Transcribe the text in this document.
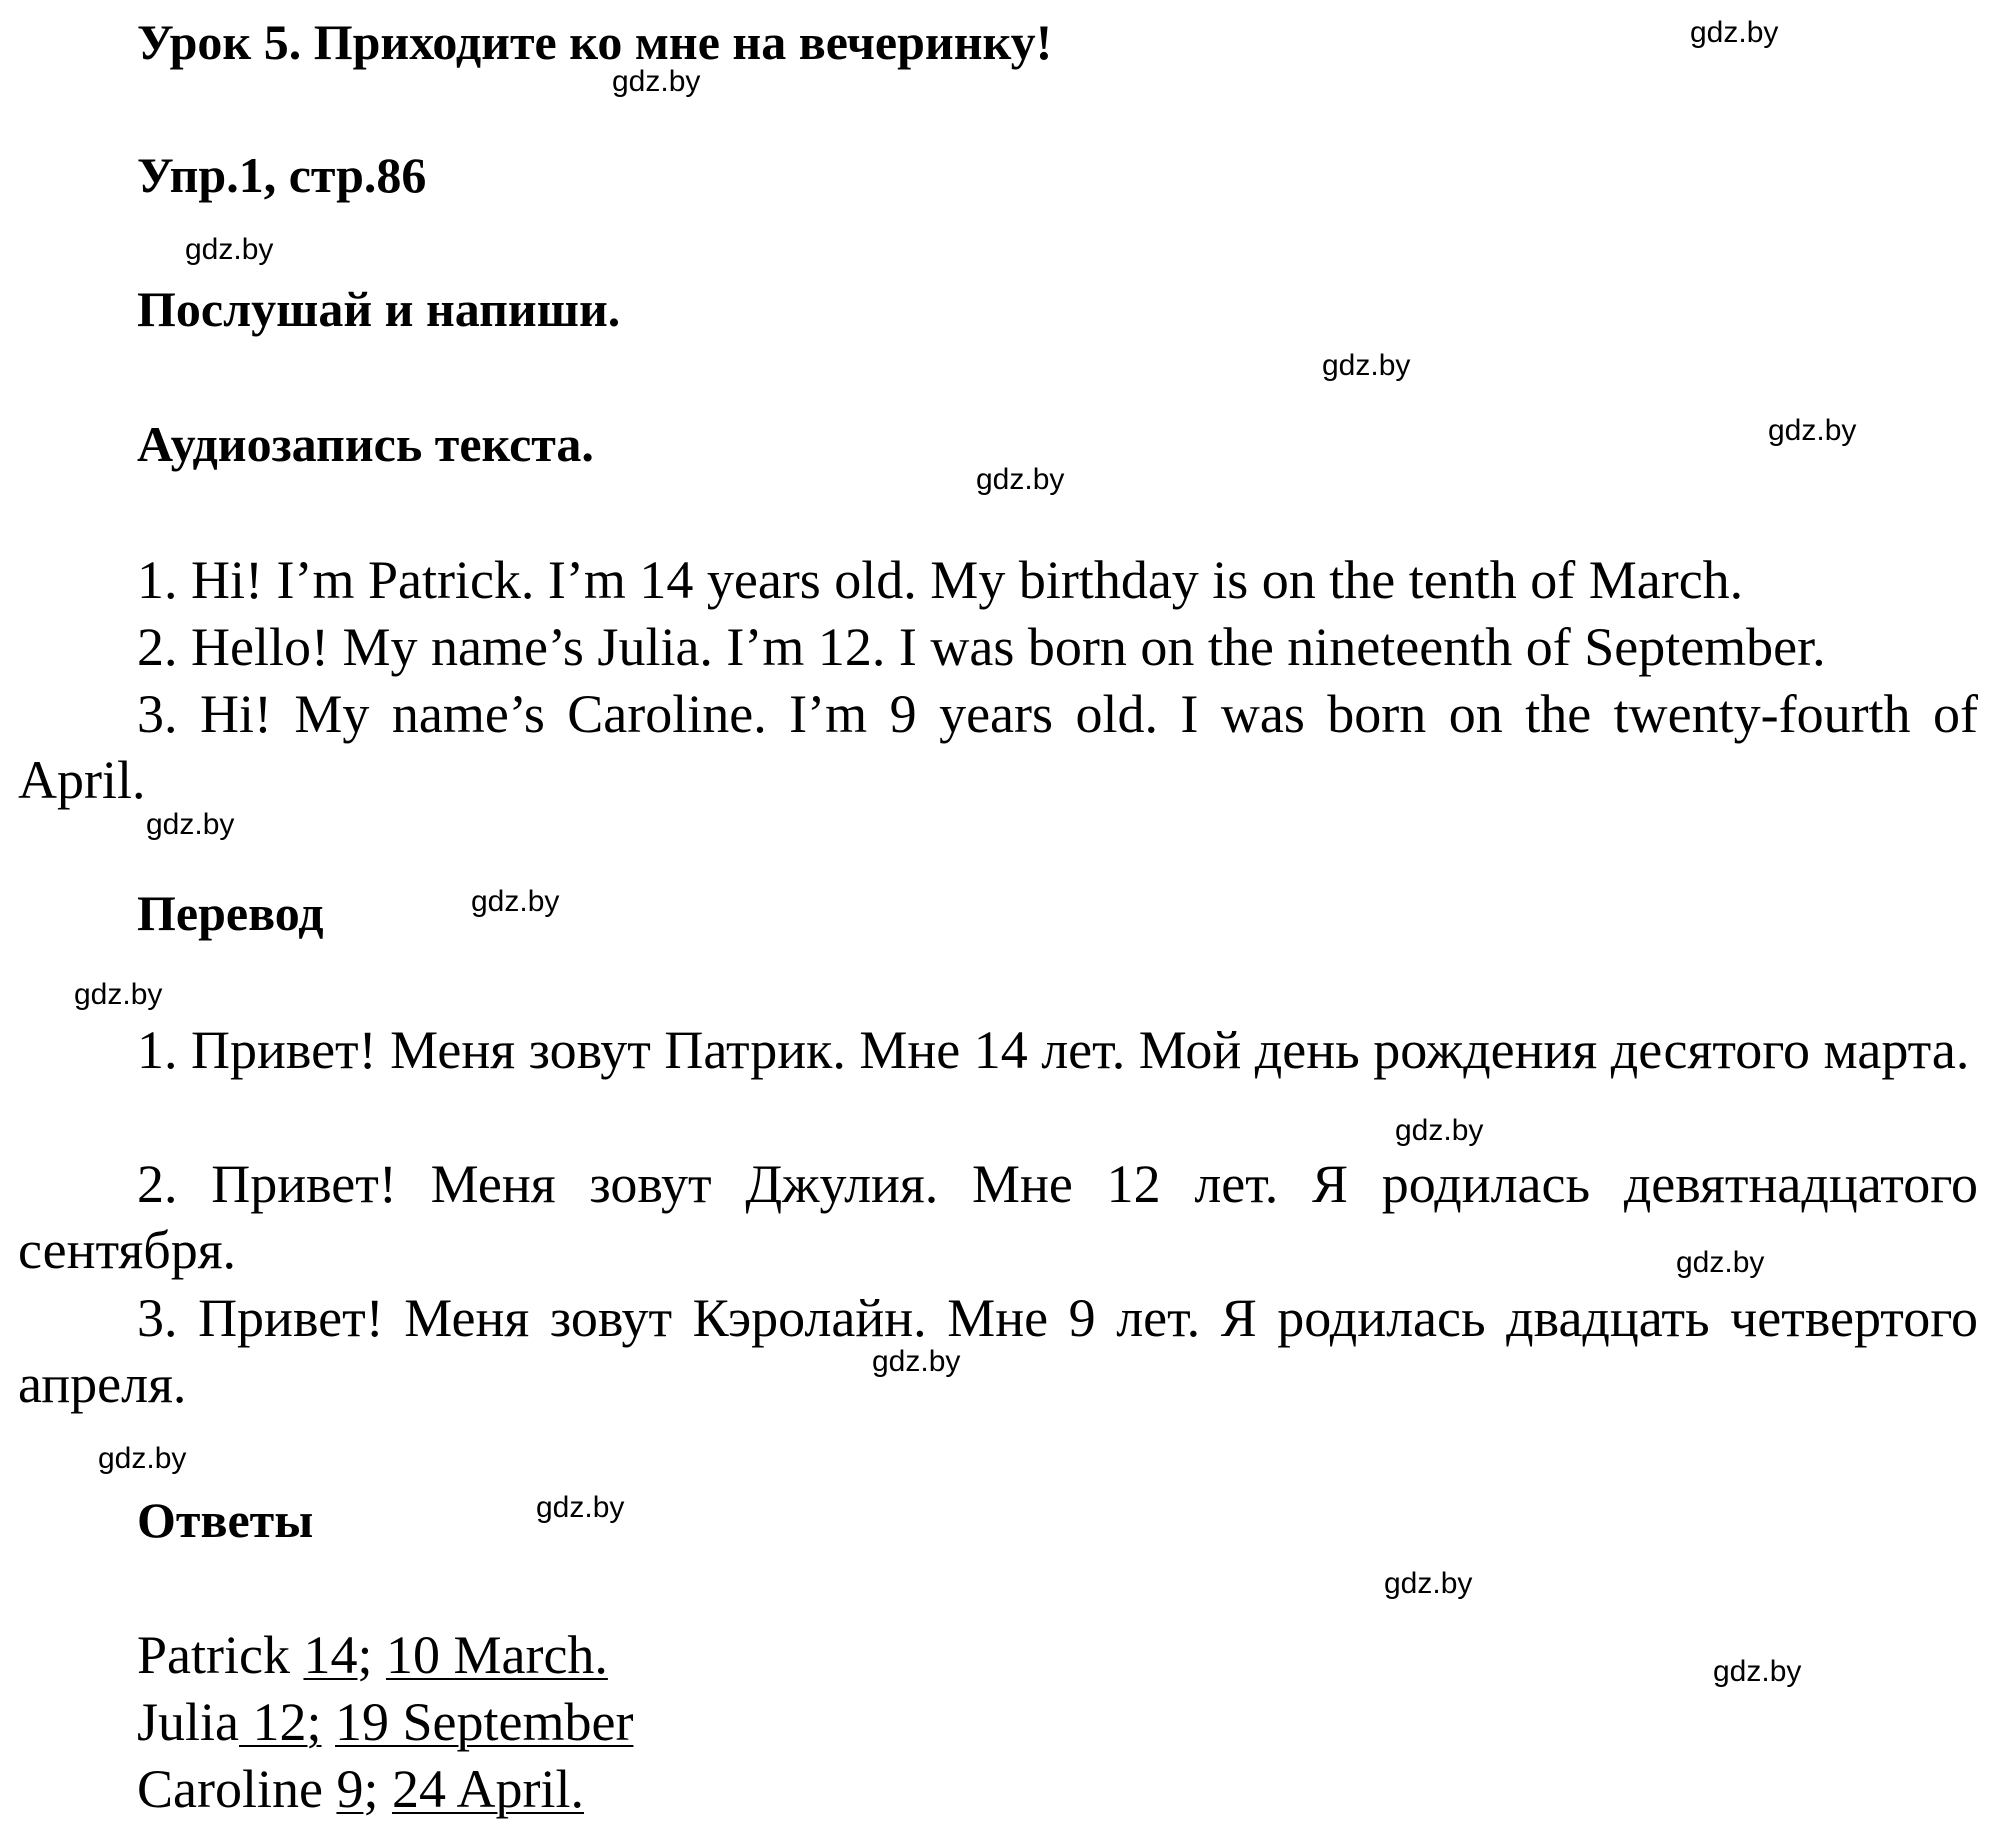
Урок 5. Приходите ко мне на вечеринку!
Упр.1, стр.86
Послушай и напиши.
Аудиозапись текста.

1. Hi! I’m Patrick. I’m 14 years old. My birthday is on the tenth of March.

2. Hello! My name’s Julia. I’m 12. I was born on the nineteenth of September.

3. Hi! My name’s Caroline. I’m 9 years old. I was born on the twenty-fourth of April.

Перевод

1. Привет! Меня зовут Патрик. Мне 14 лет. Мой день рождения десятого марта.

2. Привет! Меня зовут Джулия. Мне 12 лет. Я родилась девятнадцатого сентября.

3. Привет! Меня зовут Кэролайн. Мне 9 лет. Я родилась двадцать четвертого апреля.

Ответы
Patrick 14; 10 March.
Julia 12; 19 September
Caroline 9; 24 April.
gdz.by
gdz.by
gdz.by
gdz.by
gdz.by
gdz.by
gdz.by
gdz.by
gdz.by
gdz.by
gdz.by
gdz.by
gdz.by
gdz.by
gdz.by
gdz.by
